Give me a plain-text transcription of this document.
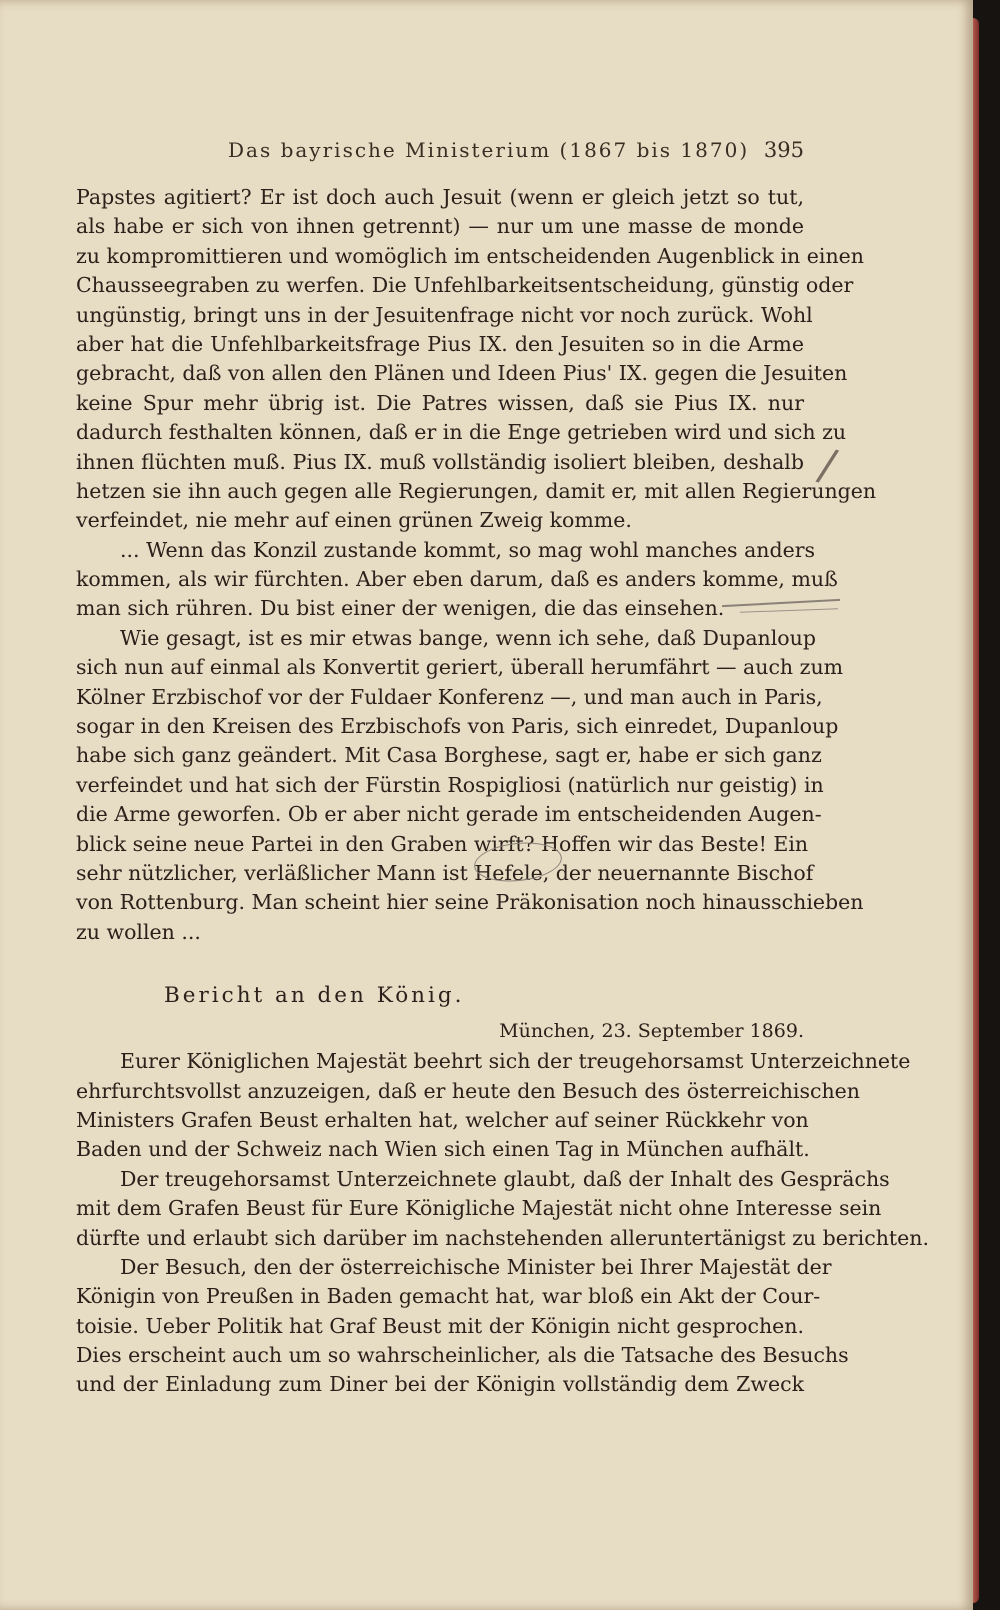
Das bayrische Ministerium (1867 bis 1870) 395
Papstes agitiert? Er ist doch auch Jesuit (wenn er gleich jetzt so tut,
als habe er sich von ihnen getrennt) — nur um une masse de monde
zu kompromittieren und womöglich im entscheidenden Augenblick in einen
Chausseegraben zu werfen. Die Unfehlbarkeitsentscheidung, günstig oder
ungünstig, bringt uns in der Jesuitenfrage nicht vor noch zurück. Wohl
aber hat die Unfehlbarkeitsfrage Pius IX. den Jesuiten so in die Arme
gebracht, daß von allen den Plänen und Ideen Pius' IX. gegen die Jesuiten
keine Spur mehr übrig ist. Die Patres wissen, daß sie Pius IX. nur
dadurch festhalten können, daß er in die Enge getrieben wird und sich zu
ihnen flüchten muß. Pius IX. muß vollständig isoliert bleiben, deshalb
hetzen sie ihn auch gegen alle Regierungen, damit er, mit allen Regierungen
verfeindet, nie mehr auf einen grünen Zweig komme.
... Wenn das Konzil zustande kommt, so mag wohl manches anders
kommen, als wir fürchten. Aber eben darum, daß es anders komme, muß
man sich rühren. Du bist einer der wenigen, die das einsehen.
Wie gesagt, ist es mir etwas bange, wenn ich sehe, daß Dupanloup
sich nun auf einmal als Konvertit geriert, überall herumfährt — auch zum
Kölner Erzbischof vor der Fuldaer Konferenz —, und man auch in Paris,
sogar in den Kreisen des Erzbischofs von Paris, sich einredet, Dupanloup
habe sich ganz geändert. Mit Casa Borghese, sagt er, habe er sich ganz
verfeindet und hat sich der Fürstin Rospigliosi (natürlich nur geistig) in
die Arme geworfen. Ob er aber nicht gerade im entscheidenden Augen-
blick seine neue Partei in den Graben wirft? Hoffen wir das Beste! Ein
sehr nützlicher, verläßlicher Mann ist Hefele, der neuernannte Bischof
von Rottenburg. Man scheint hier seine Präkonisation noch hinausschieben
zu wollen ...
Bericht an den König.
München, 23. September 1869.
Eurer Königlichen Majestät beehrt sich der treugehorsamst Unterzeichnete
ehrfurchtsvollst anzuzeigen, daß er heute den Besuch des österreichischen
Ministers Grafen Beust erhalten hat, welcher auf seiner Rückkehr von
Baden und der Schweiz nach Wien sich einen Tag in München aufhält.
Der treugehorsamst Unterzeichnete glaubt, daß der Inhalt des Gesprächs
mit dem Grafen Beust für Eure Königliche Majestät nicht ohne Interesse sein
dürfte und erlaubt sich darüber im nachstehenden alleruntertänigst zu berichten.
Der Besuch, den der österreichische Minister bei Ihrer Majestät der
Königin von Preußen in Baden gemacht hat, war bloß ein Akt der Cour-
toisie. Ueber Politik hat Graf Beust mit der Königin nicht gesprochen.
Dies erscheint auch um so wahrscheinlicher, als die Tatsache des Besuchs
und der Einladung zum Diner bei der Königin vollständig dem Zweck
/
